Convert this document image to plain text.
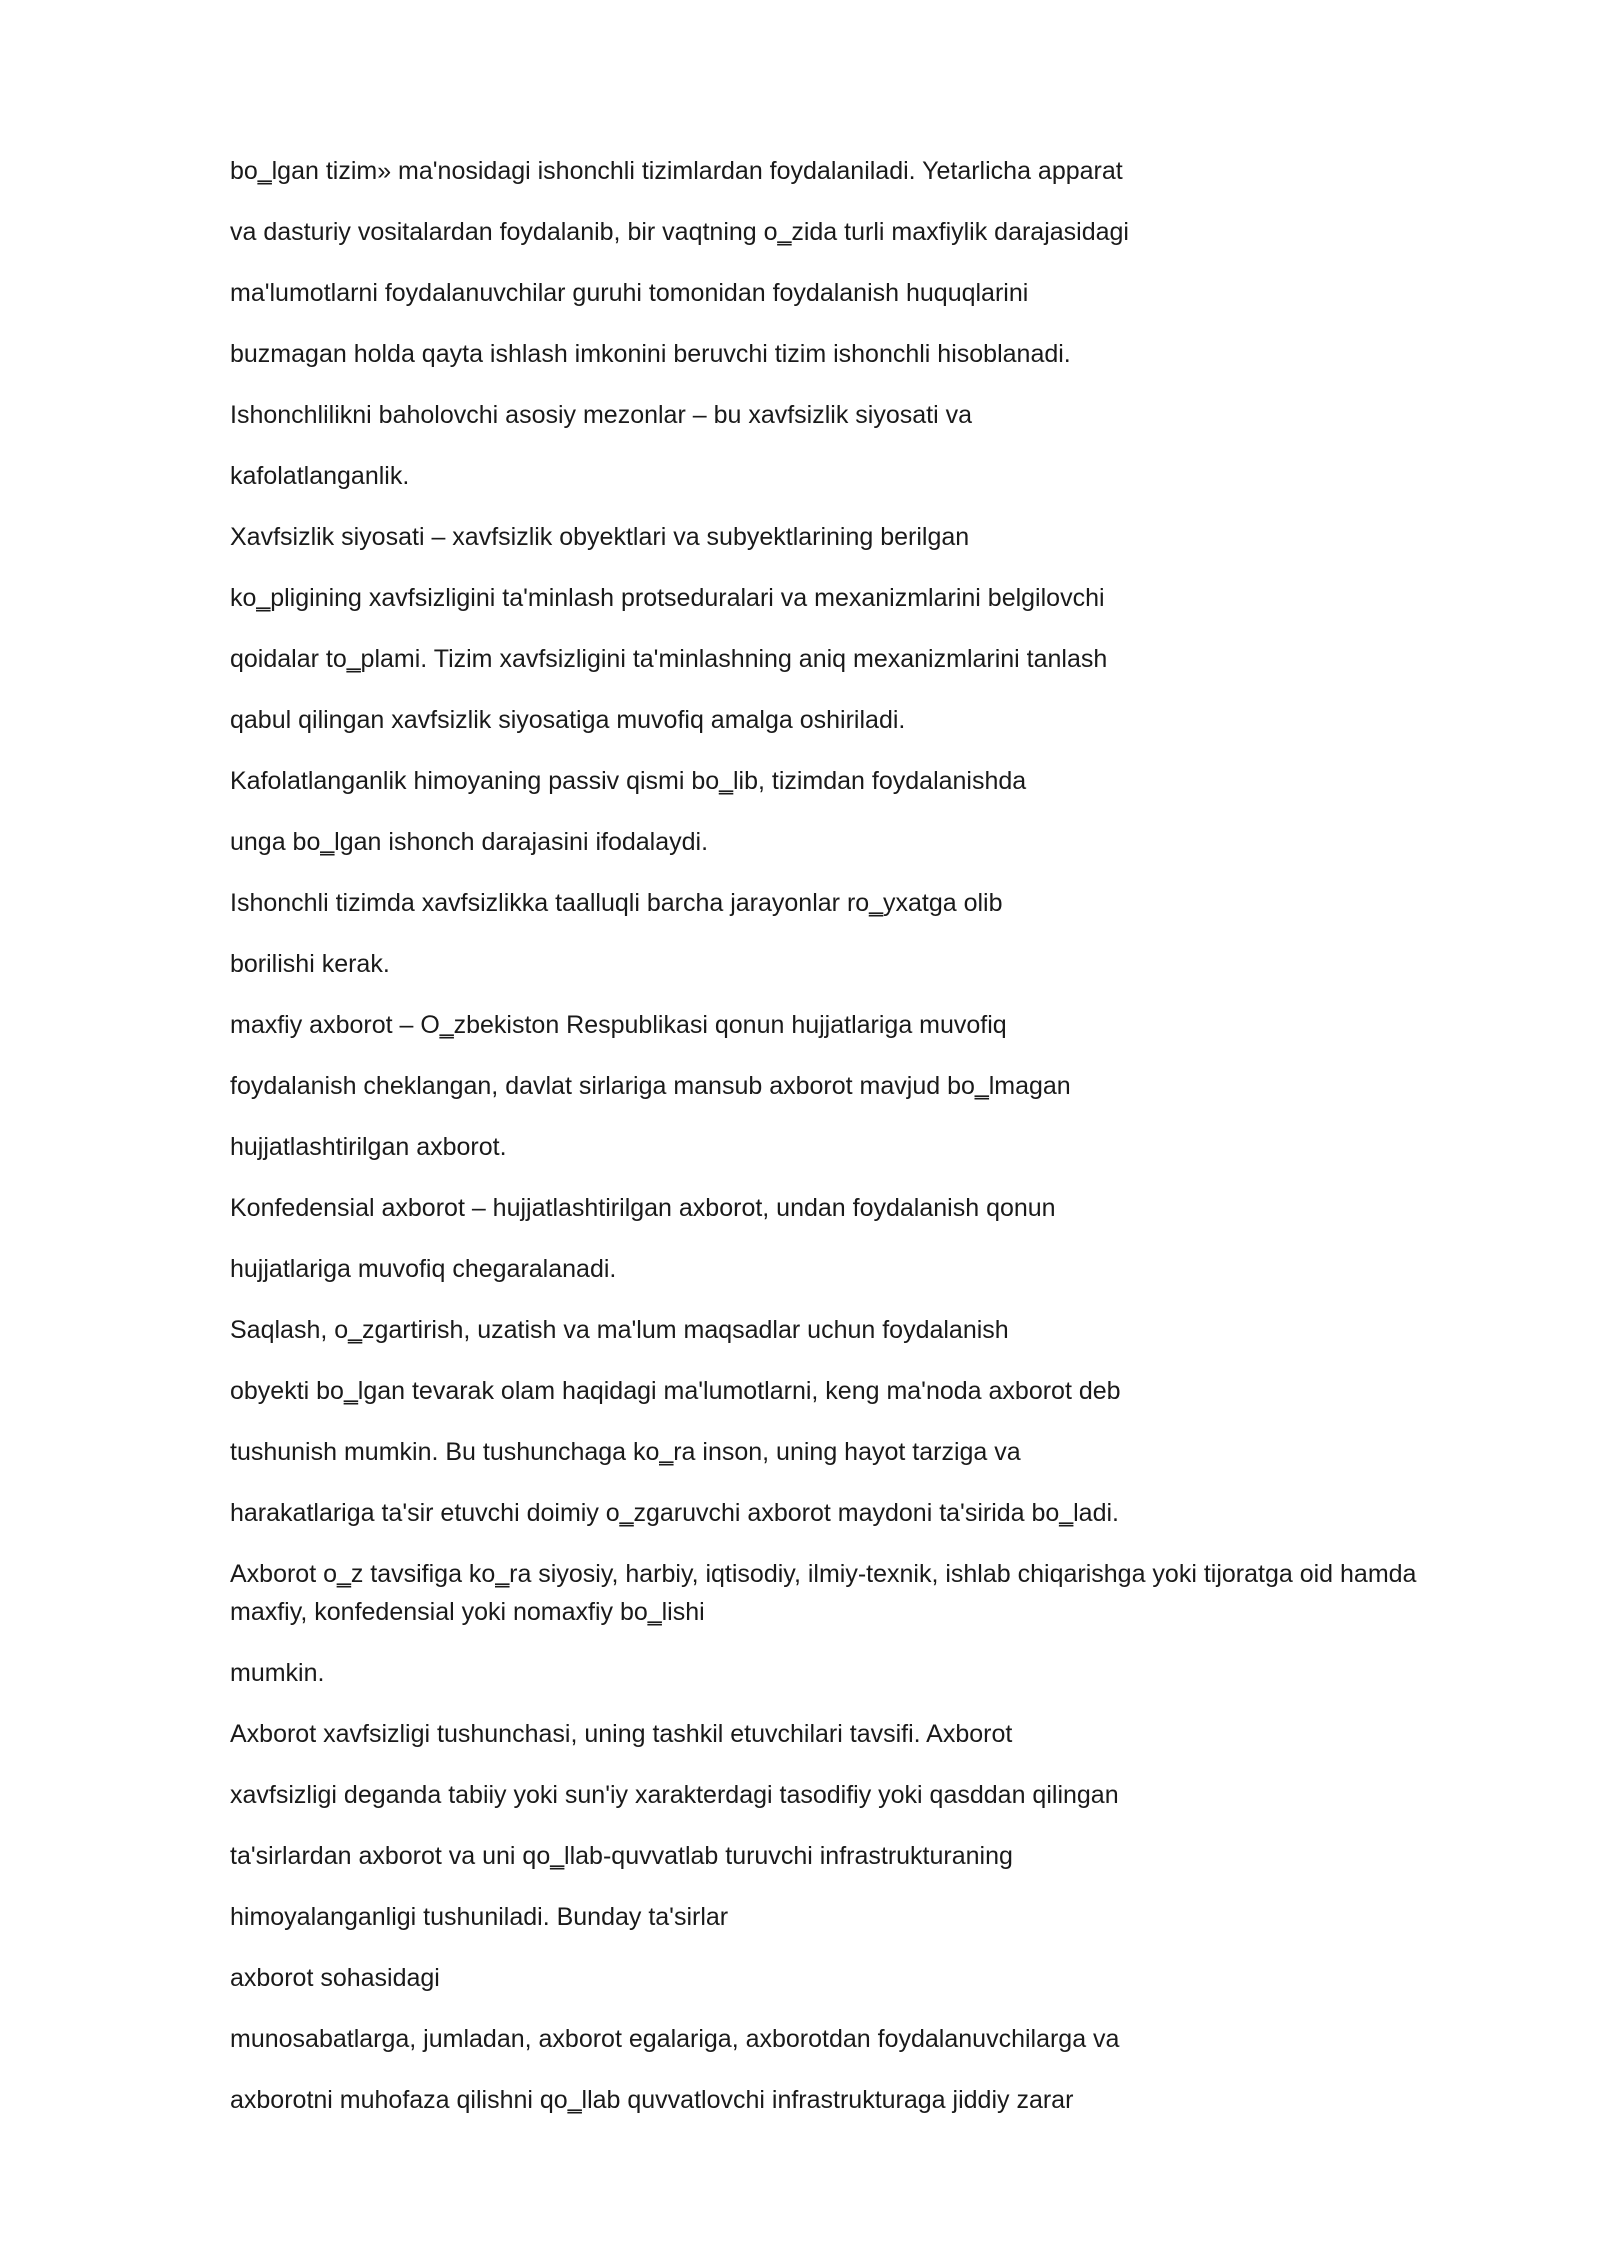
bo‗lgan tizim» ma'nosidagi ishonchli tizimlardan foydalaniladi. Yetarlicha apparat

va dasturiy vositalardan foydalanib, bir vaqtning o‗zida turli maxfiylik darajasidagi

ma'lumotlarni foydalanuvchilar guruhi tomonidan foydalanish huquqlarini

buzmagan holda qayta ishlash imkonini beruvchi tizim ishonchli hisoblanadi.

Ishonchlilikni baholovchi asosiy mezonlar – bu xavfsizlik siyosati va

kafolatlanganlik.

Xavfsizlik siyosati – xavfsizlik obyektlari va subyektlarining berilgan

ko‗pligining xavfsizligini ta'minlash protseduralari va mexanizmlarini belgilovchi

qoidalar to‗plami. Tizim xavfsizligini ta'minlashning aniq mexanizmlarini tanlash

qabul qilingan xavfsizlik siyosatiga muvofiq amalga oshiriladi.

Kafolatlanganlik himoyaning passiv qismi bo‗lib, tizimdan foydalanishda

unga bo‗lgan ishonch darajasini ifodalaydi.

Ishonchli tizimda xavfsizlikka taalluqli barcha jarayonlar ro‗yxatga olib

borilishi kerak.

maxfiy axborot – O‗zbekiston Respublikasi qonun hujjatlariga muvofiq

foydalanish cheklangan, davlat sirlariga mansub axborot mavjud bo‗lmagan

hujjatlashtirilgan axborot.

Konfedensial axborot – hujjatlashtirilgan axborot, undan foydalanish qonun

hujjatlariga muvofiq chegaralanadi.

Saqlash, o‗zgartirish, uzatish va ma'lum maqsadlar uchun foydalanish

obyekti bo‗lgan tevarak olam haqidagi ma'lumotlarni, keng ma'noda axborot deb

tushunish mumkin. Bu tushunchaga ko‗ra inson, uning hayot tarziga va

harakatlariga ta'sir etuvchi doimiy o‗zgaruvchi axborot maydoni ta'sirida bo‗ladi.

Axborot o‗z tavsifiga ko‗ra siyosiy, harbiy, iqtisodiy, ilmiy-texnik, ishlab chiqarishga yoki tijoratga oid hamda maxfiy, konfedensial yoki nomaxfiy bo‗lishi

mumkin.

Axborot xavfsizligi tushunchasi, uning tashkil etuvchilari tavsifi. Axborot

xavfsizligi deganda tabiiy yoki sun'iy xarakterdagi tasodifiy yoki qasddan qilingan

ta'sirlardan axborot va uni qo‗llab-quvvatlab turuvchi infrastrukturaning

himoyalanganligi tushuniladi. Bunday ta'sirlar

axborot sohasidagi

munosabatlarga, jumladan, axborot egalariga, axborotdan foydalanuvchilarga va

axborotni muhofaza qilishni qo‗llab quvvatlovchi infrastrukturaga jiddiy zarar
